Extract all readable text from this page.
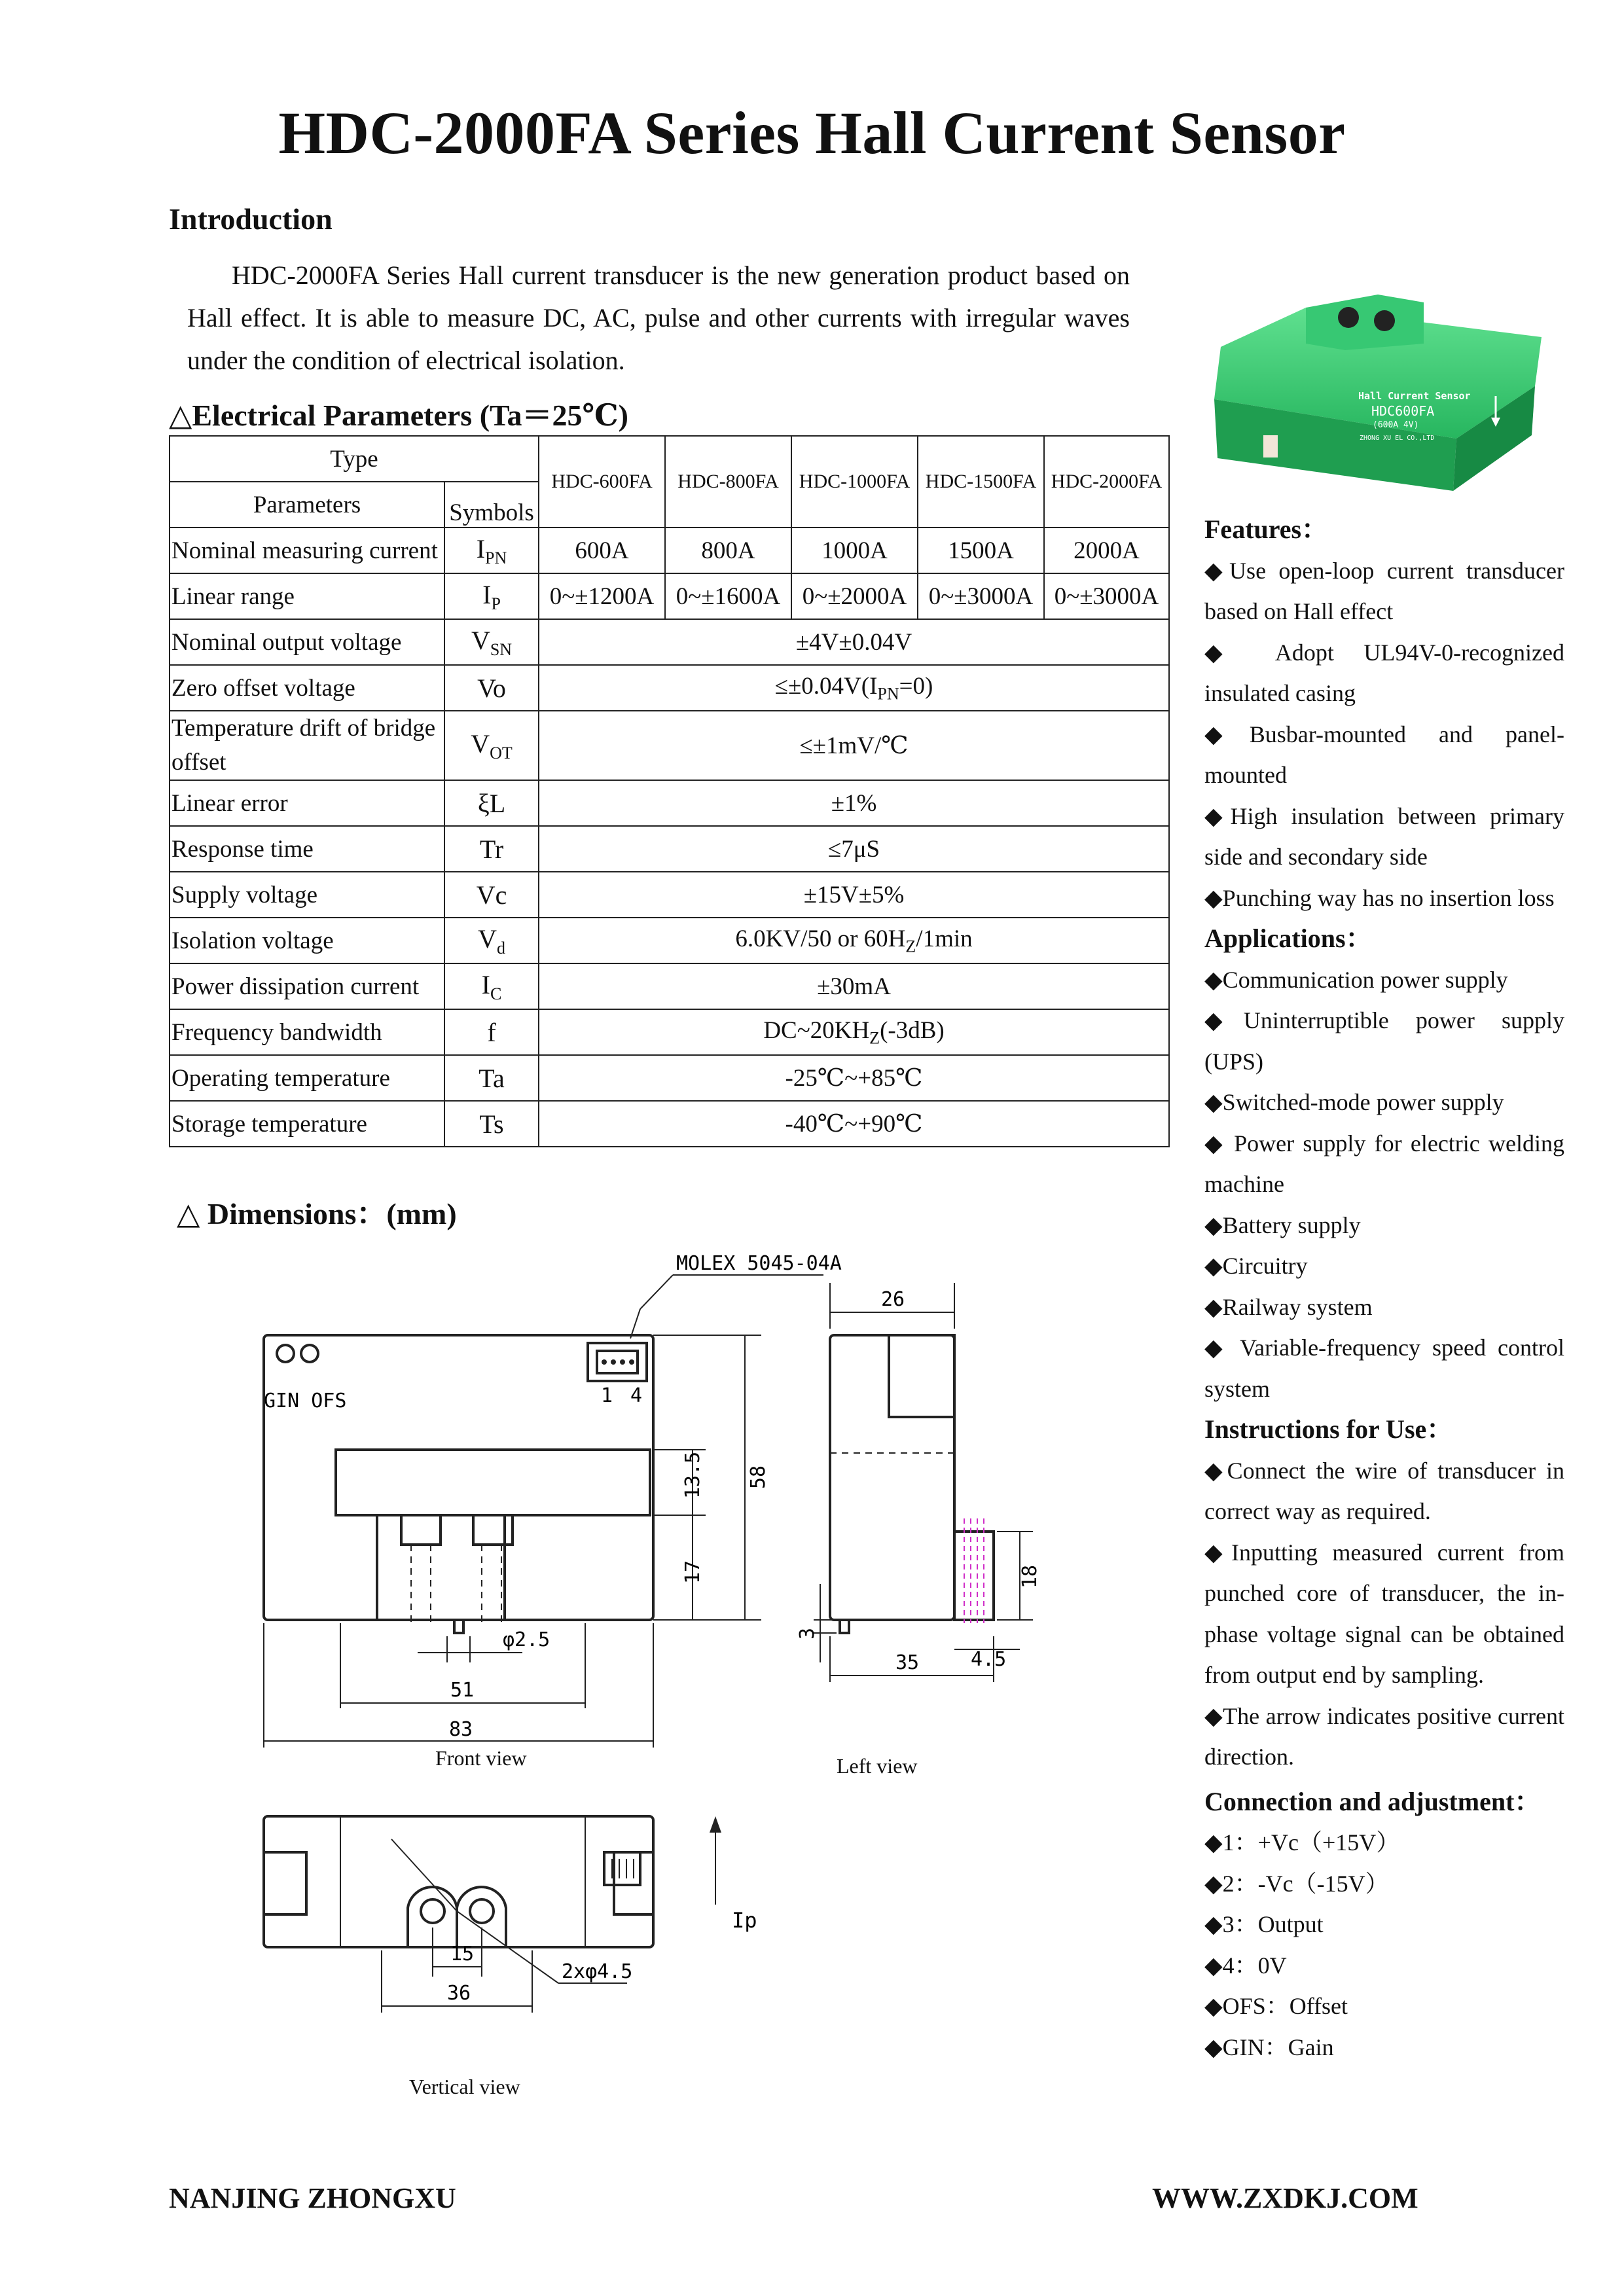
HDC-2000FA Series Hall Current Sensor
Introduction

HDC-2000FA Series Hall current transducer is the new generation product based on Hall effect. It is able to measure DC, AC, pulse and other currents with irregular waves under the condition of electrical isolation.

△Electrical Parameters (Ta＝25℃)
Type		HDC-600FA	HDC-800FA	HDC-1000FA	HDC-1500FA	HDC-2000FA
Parameters	Symbols					
Nominal measuring current	$I_{PN}$	600A	800A	1000A	1500A	2000A
Linear range	$I_P$	0~±1200A	0~±1600A	0~±2000A	0~±3000A	0~±3000A
Nominal output voltage	$V_{SN}$	±4V±0.04V				
Zero offset voltage	Vo	$\le\pm 0.04V(I_{PN}=0)$				
Temperature drift of bridge offset	$V_{OT}$	≤±1mV/℃				
Linear error	ξL	±1%				
Response time	Tr	≤7μS				
Supply voltage	Vc	±15V±5%				
Isolation voltage	$V_d$	6.0KV/50 or $60H_Z/1\min$				
Power dissipation current	$I_C$	±30mA				
Frequency bandwidth	f	$DC\sim 20KH_Z(-3dB)$				
Operating temperature	Ta	-25℃~+85℃				
Storage temperature	Ts	-40℃~+90℃				
△ Dimensions：(mm)
GIN OFS	1 4
MOLEX 5045-04A
58
13.5
17
φ2.5
51
83
26
18
3
4.5
35
Ip
15
36
2xφ4.5
Front view	Left view
Vertical view
Hall Current Sensor
HDC600FA
(600A 4V)
ZHONG XU EL CO.,LTD
Features：

◆Use open-loop current transducer based on Hall effect

◆ Adopt UL94V-0-recognized insulated casing

◆Busbar-mounted and panel-mounted

◆High insulation between primary side and secondary side

◆Punching way has no insertion loss

Applications：

◆Communication power supply

◆Uninterruptible power supply (UPS)

◆Switched-mode power supply

◆ Power supply for electric welding machine

◆Battery supply

◆Circuitry

◆Railway system

◆ Variable-frequency speed control system

Instructions for Use：

◆Connect the wire of transducer in correct way as required.

◆Inputting measured current from punched core of transducer, the in-phase voltage signal can be obtained from output end by sampling.

◆The arrow indicates positive current direction.

Connection and adjustment：

◆1：+Vc（+15V）

◆2：-Vc（-15V）

◆3：Output

◆4：0V

◆OFS：Offset

◆GIN：Gain

NANJING ZHONGXU	WWW.ZXDKJ.COM
